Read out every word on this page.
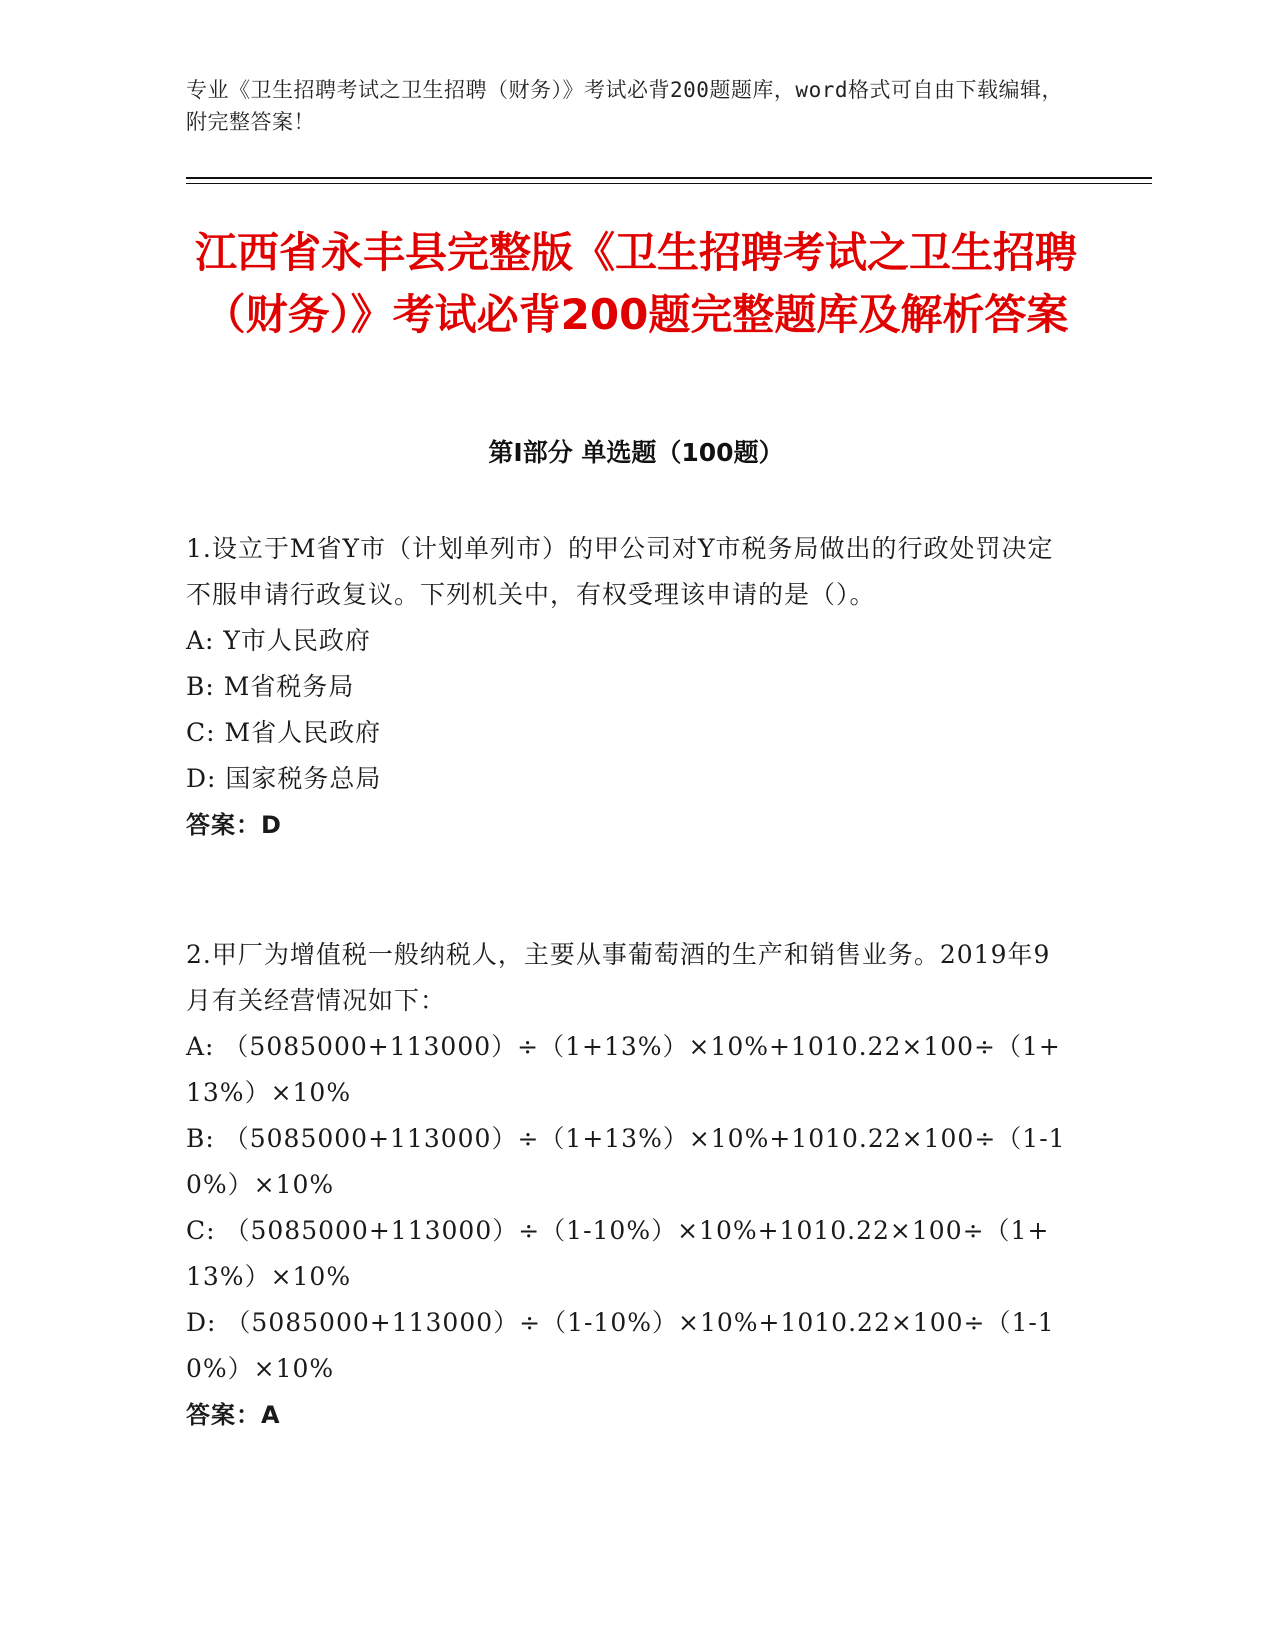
专业《卫生招聘考试之卫生招聘（财务）》考试必背200题题库，word格式可自由下载编辑，附完整答案！
江西省永丰县完整版《卫生招聘考试之卫生招聘（财务）》考试必背200题完整题库及解析答案
第I部分 单选题（100题）

1.设立于M省Y市（计划单列市）的甲公司对Y市税务局做出的行政处罚决定不服申请行政复议。下列机关中，有权受理该申请的是（）。

A: Y市人民政府

B: M省税务局

C: M省人民政府

D: 国家税务总局

答案：D

2.甲厂为增值税一般纳税人，主要从事葡萄酒的生产和销售业务。2019年9月有关经营情况如下：

A: （5085000+113000）÷（1+13%）×10%+1010.22×100÷（1+13%）×10%

B: （5085000+113000）÷（1+13%）×10%+1010.22×100÷（1-10%）×10%

C: （5085000+113000）÷（1-10%）×10%+1010.22×100÷（1+13%）×10%

D: （5085000+113000）÷（1-10%）×10%+1010.22×100÷（1-10%）×10%

答案：A
